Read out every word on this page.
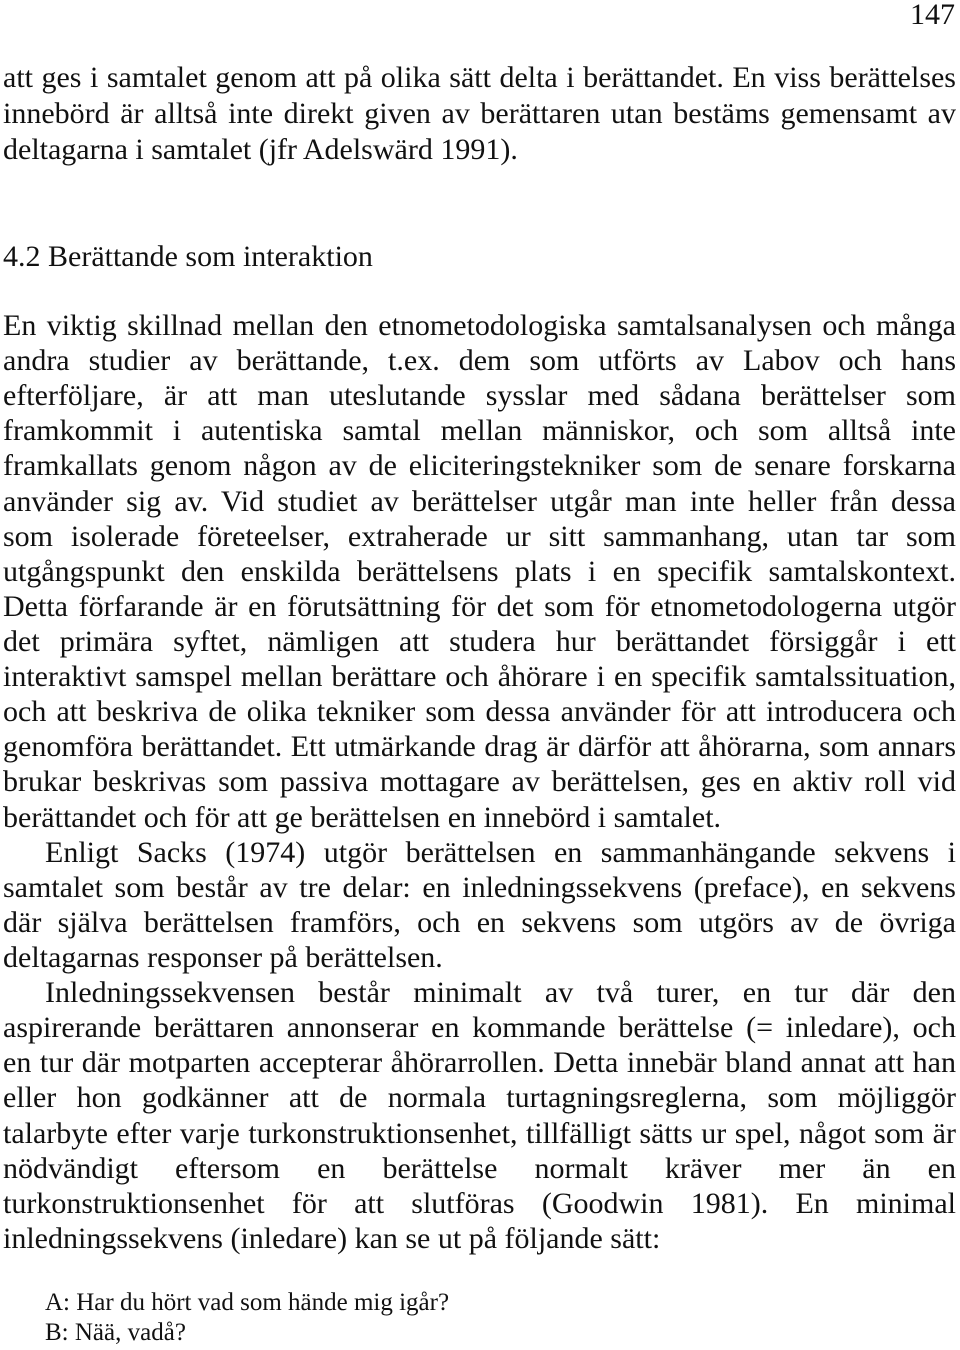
147
att ges i samtalet genom att på olika sätt delta i berättandet. En viss berättelses
innebörd är alltså inte direkt given av berättaren utan bestäms gemensamt av
deltagarna i samtalet (jfr Adelswärd 1991).
4.2 Berättande som interaktion
En viktig skillnad mellan den etnometodologiska samtalsanalysen och många
andra studier av berättande, t.ex. dem som utförts av Labov och hans
efterföljare, är att man uteslutande sysslar med sådana berättelser som
framkommit i autentiska samtal mellan människor, och som alltså inte
framkallats genom någon av de eliciteringstekniker som de senare forskarna
använder sig av. Vid studiet av berättelser utgår man inte heller från dessa
som isolerade företeelser, extraherade ur sitt sammanhang, utan tar som
utgångspunkt den enskilda berättelsens plats i en specifik samtalskontext.
Detta förfarande är en förutsättning för det som för etnometodologerna utgör
det primära syftet, nämligen att studera hur berättandet försiggår i ett
interaktivt samspel mellan berättare och åhörare i en specifik samtalssituation,
och att beskriva de olika tekniker som dessa använder för att introducera och
genomföra berättandet. Ett utmärkande drag är därför att åhörarna, som annars
brukar beskrivas som passiva mottagare av berättelsen, ges en aktiv roll vid
berättandet och för att ge berättelsen en innebörd i samtalet.
Enligt Sacks (1974) utgör berättelsen en sammanhängande sekvens i
samtalet som består av tre delar: en inledningssekvens (preface), en sekvens
där själva berättelsen framförs, och en sekvens som utgörs av de övriga
deltagarnas responser på berättelsen.
Inledningssekvensen består minimalt av två turer, en tur där den
aspirerande berättaren annonserar en kommande berättelse (= inledare), och
en tur där motparten accepterar åhörarrollen. Detta innebär bland annat att han
eller hon godkänner att de normala turtagningsreglerna, som möjliggör
talarbyte efter varje turkonstruktionsenhet, tillfälligt sätts ur spel, något som är
nödvändigt eftersom en berättelse normalt kräver mer än en
turkonstruktionsenhet för att slutföras (Goodwin 1981). En minimal
inledningssekvens (inledare) kan se ut på följande sätt:
A: Har du hört vad som hände mig igår?
B: Nää, vadå?
